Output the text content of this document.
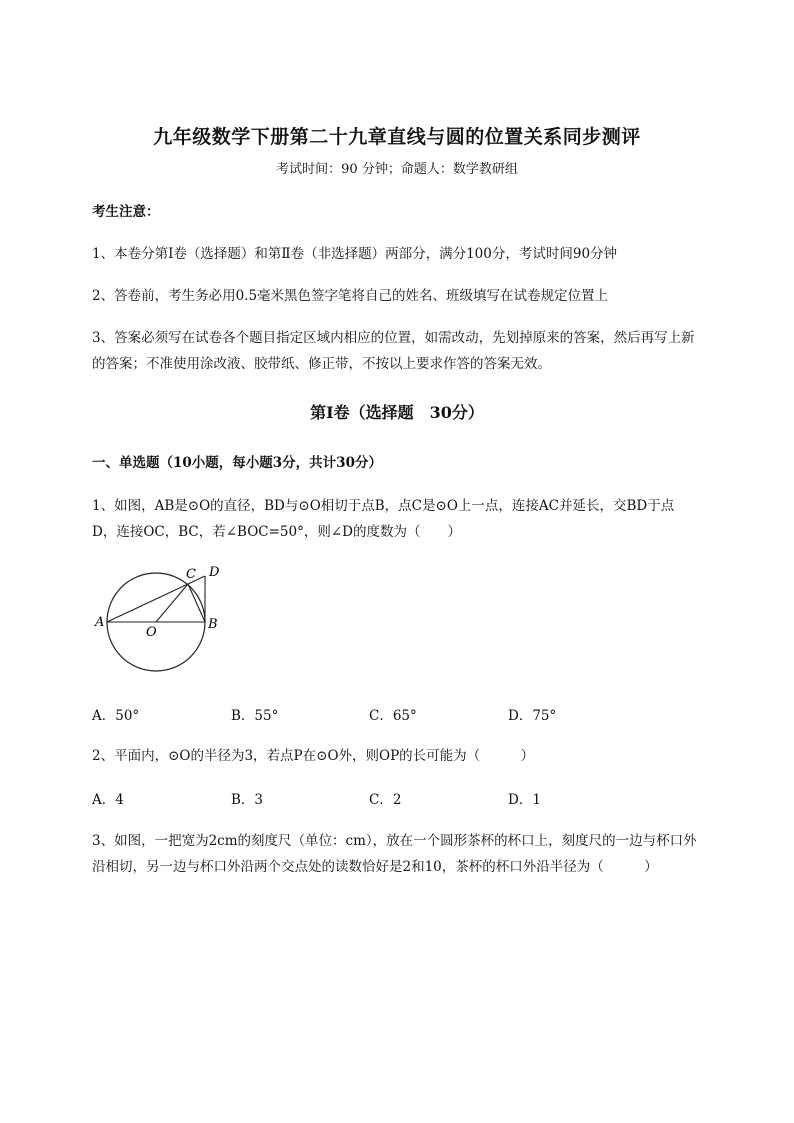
九年级数学下册第二十九章直线与圆的位置关系同步测评
考试时间：90 分钟；命题人：数学教研组
考生注意：
1、本卷分第Ⅰ卷（选择题）和第Ⅱ卷（非选择题）两部分，满分100分，考试时间90分钟
2、答卷前，考生务必用0.5毫米黑色签字笔将自己的姓名、班级填写在试卷规定位置上
3、答案必须写在试卷各个题目指定区域内相应的位置，如需改动，先划掉原来的答案，然后再写上新
的答案；不准使用涂改液、胶带纸、修正带，不按以上要求作答的答案无效。
第Ⅰ卷（选择题　30分）
一、单选题（10小题，每小题3分，共计30分）
1、如图，AB是⊙O的直径，BD与⊙O相切于点B，点C是⊙O上一点，连接AC并延长，交BD于点
D，连接OC，BC，若∠BOC=50°，则∠D的度数为（　　）
A
O
B
C D
A．50°	B．55°	C．65°	D．75°
2、平面内，⊙O的半径为3，若点P在⊙O外，则OP的长可能为（　　　）
A．4	B．3	C．2	D．1
3、如图，一把宽为2cm的刻度尺（单位：cm），放在一个圆形茶杯的杯口上，刻度尺的一边与杯口外
沿相切，另一边与杯口外沿两个交点处的读数恰好是2和10，茶杯的杯口外沿半径为（　　　）
